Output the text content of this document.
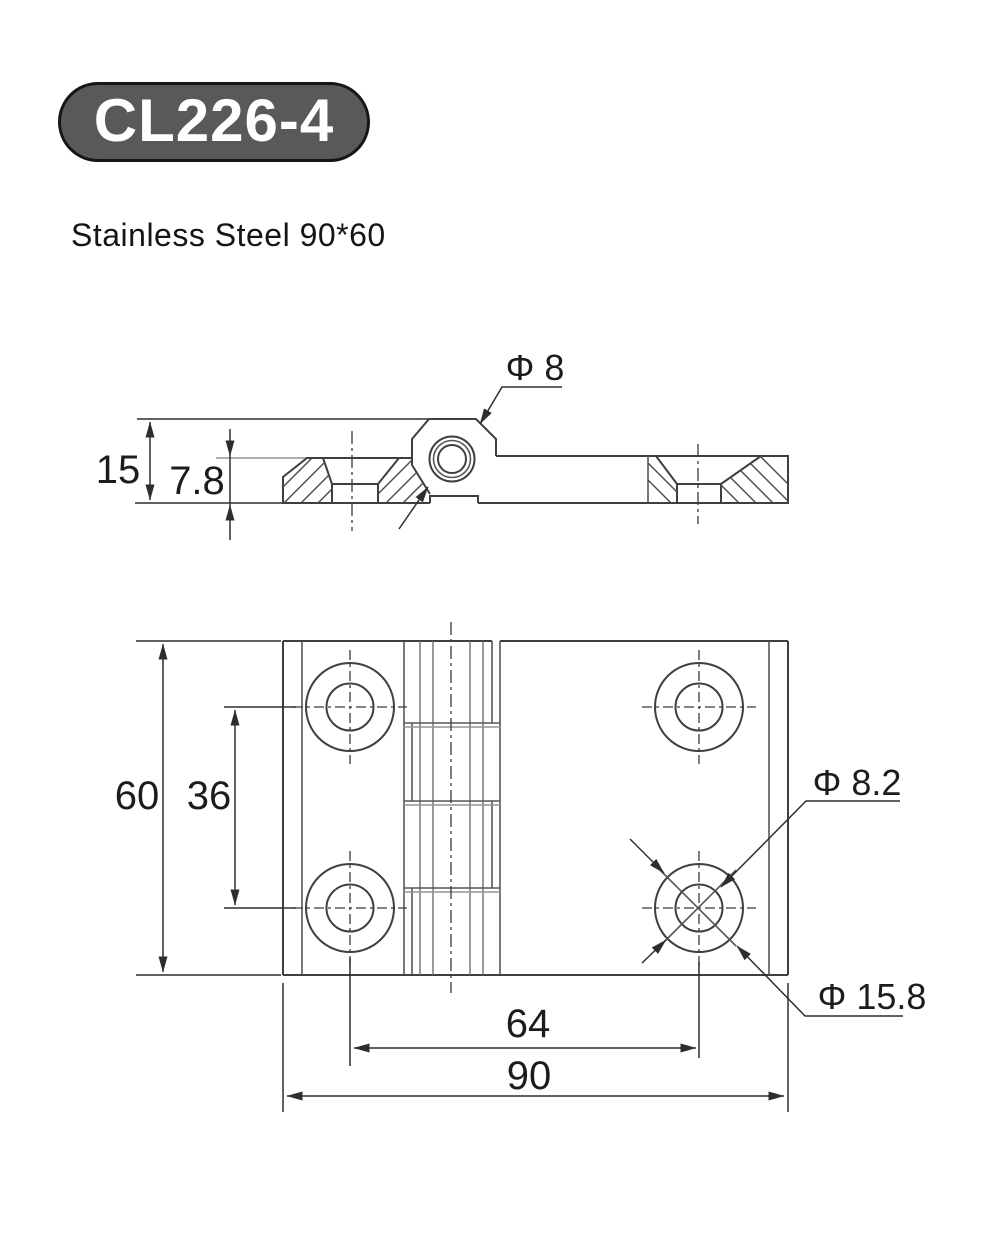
CL226-4
Stainless Steel 90*60
15 7.8
Φ 8
Φ 8.2
Φ 15.8
60 36
64
90
